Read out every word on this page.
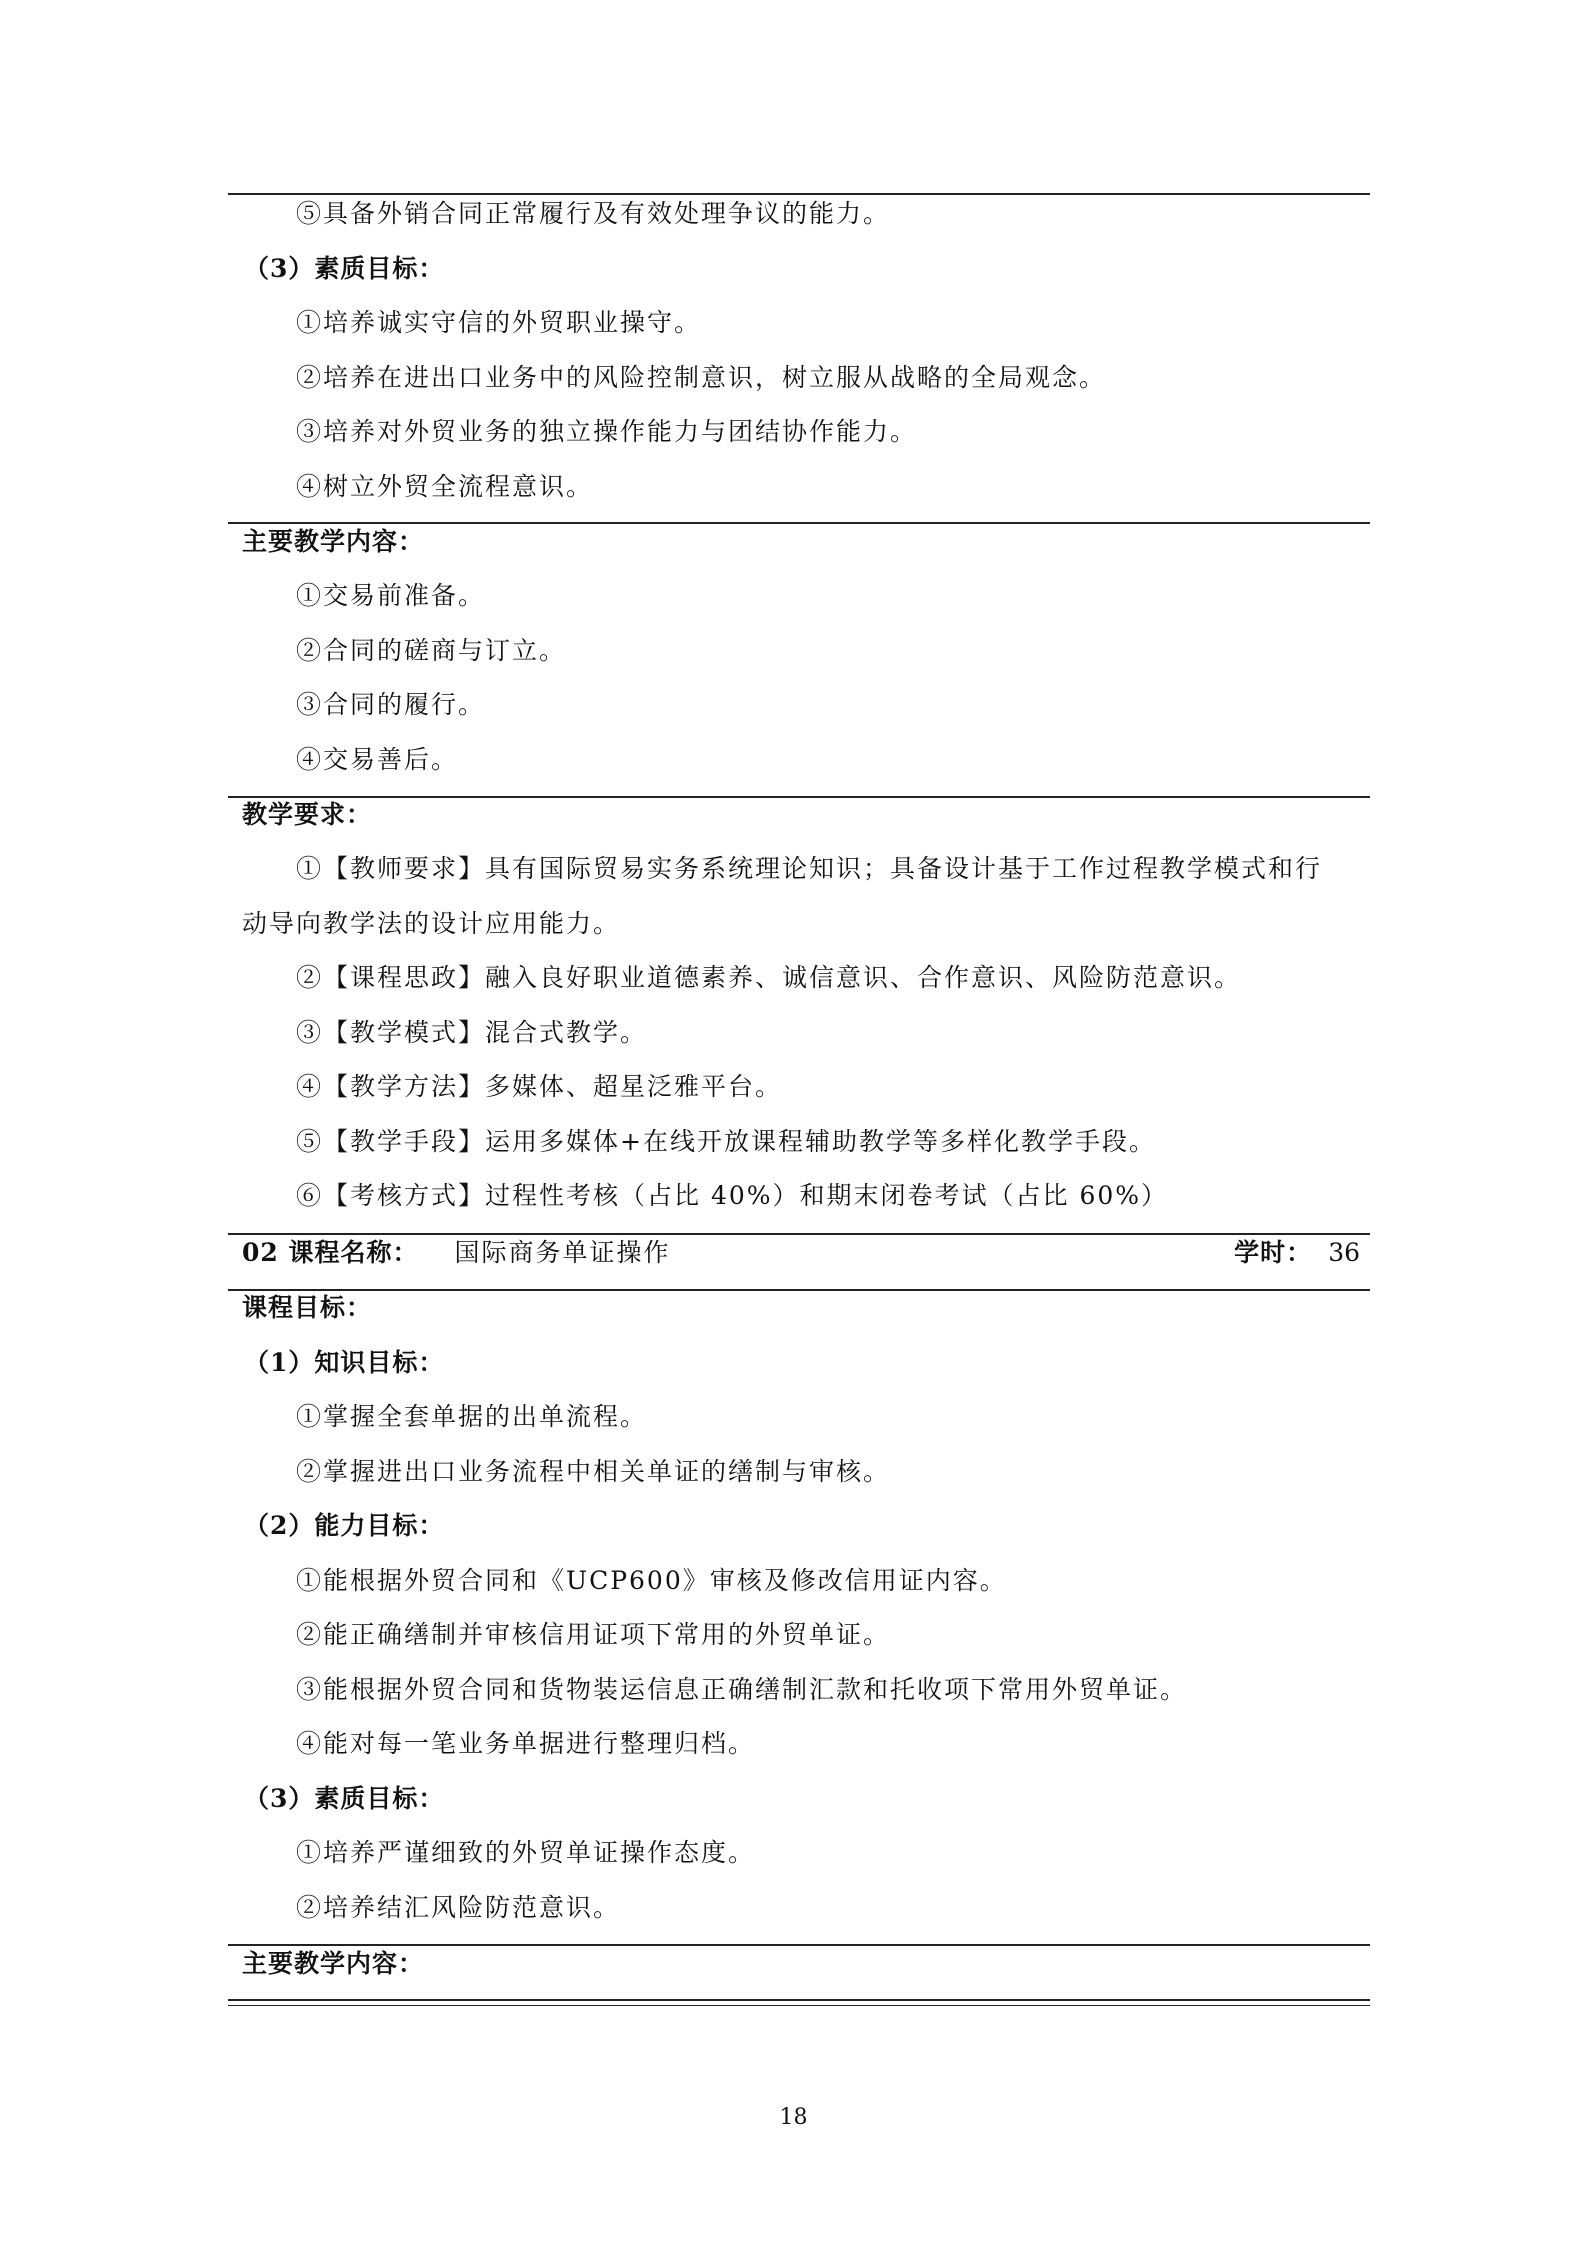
⑤具备外销合同正常履行及有效处理争议的能力。
（3）素质目标：
①培养诚实守信的外贸职业操守。
②培养在进出口业务中的风险控制意识，树立服从战略的全局观念。
③培养对外贸业务的独立操作能力与团结协作能力。
④树立外贸全流程意识。
主要教学内容：
①交易前准备。
②合同的磋商与订立。
③合同的履行。
④交易善后。
教学要求：
①【教师要求】具有国际贸易实务系统理论知识；具备设计基于工作过程教学模式和行
动导向教学法的设计应用能力。
②【课程思政】融入良好职业道德素养、诚信意识、合作意识、风险防范意识。
③【教学模式】混合式教学。
④【教学方法】多媒体、超星泛雅平台。
⑤【教学手段】运用多媒体+在线开放课程辅助教学等多样化教学手段。
⑥【考核方式】过程性考核（占比 40%）和期末闭卷考试（占比 60%）
02 课程名称： 国际商务单证操作	学时： 36
课程目标：
（1）知识目标：
①掌握全套单据的出单流程。
②掌握进出口业务流程中相关单证的缮制与审核。
（2）能力目标：
①能根据外贸合同和《UCP600》审核及修改信用证内容。
②能正确缮制并审核信用证项下常用的外贸单证。
③能根据外贸合同和货物装运信息正确缮制汇款和托收项下常用外贸单证。
④能对每一笔业务单据进行整理归档。
（3）素质目标：
①培养严谨细致的外贸单证操作态度。
②培养结汇风险防范意识。
主要教学内容：
18
